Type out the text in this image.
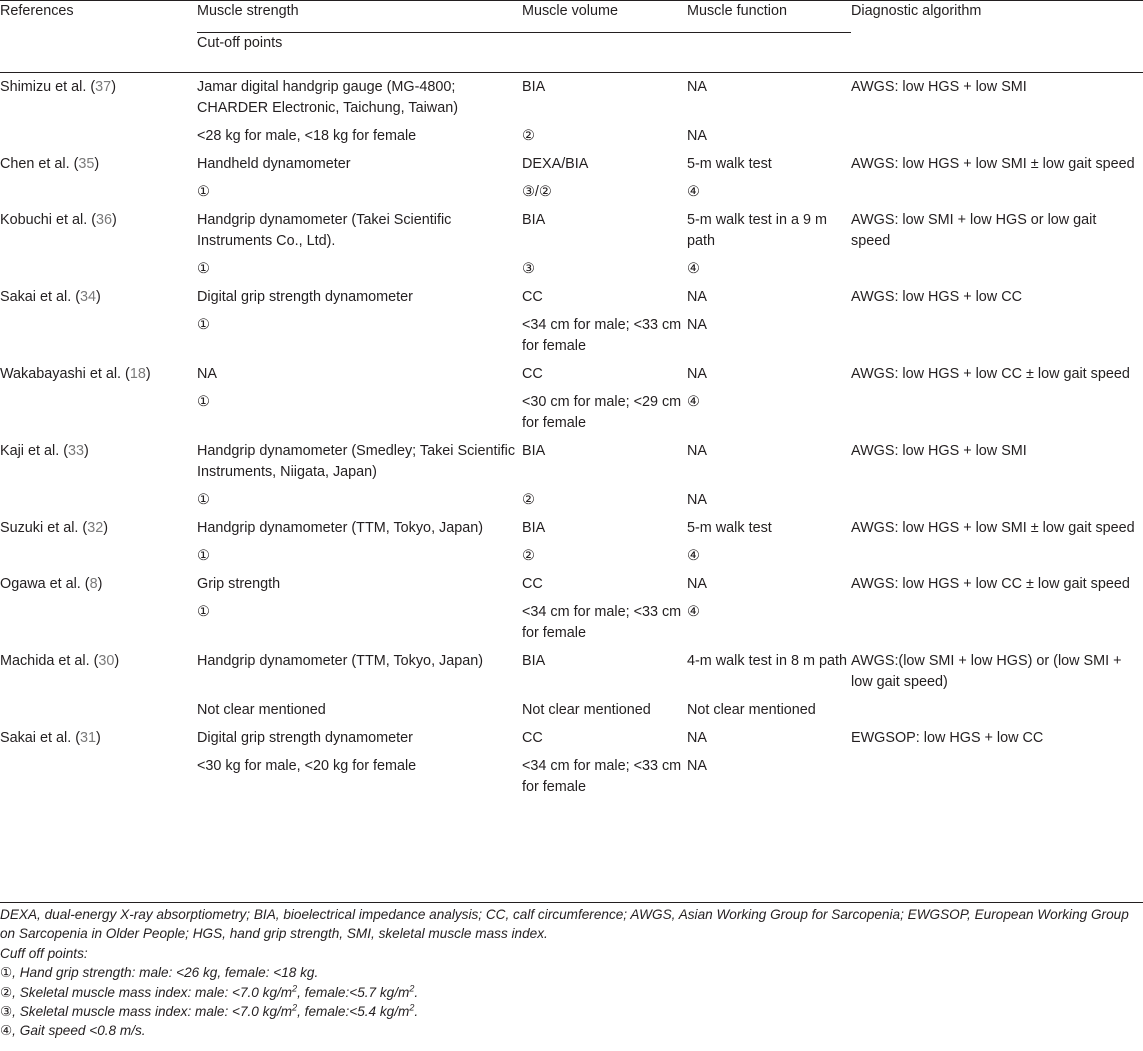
References	Muscle strength	Muscle volume	Muscle function	Diagnostic algorithm
	Cut-off points			
Shimizu et al. (37)	Jamar digital handgrip gauge (MG-4800; CHARDER Electronic, Taichung, Taiwan)	BIA	NA	AWGS: low HGS + low SMI
	<28 kg for male, <18 kg for female	②	NA	
Chen et al. (35)	Handheld dynamometer	DEXA/BIA	5-m walk test	AWGS: low HGS + low SMI ± low gait speed
	①	③/②	④	
Kobuchi et al. (36)	Handgrip dynamometer (Takei Scientific Instruments Co., Ltd).	BIA	5-m walk test in a 9 m path	AWGS: low SMI + low HGS or low gait speed
	①	③	④	
Sakai et al. (34)	Digital grip strength dynamometer	CC	NA	AWGS: low HGS + low CC
	①	<34 cm for male; <33 cm for female	NA	
Wakabayashi et al. (18)	NA	CC	NA	AWGS: low HGS + low CC ± low gait speed
	①	<30 cm for male; <29 cm for female	④	
Kaji et al. (33)	Handgrip dynamometer (Smedley; Takei Scientific Instruments, Niigata, Japan)	BIA	NA	AWGS: low HGS + low SMI
	①	②	NA	
Suzuki et al. (32)	Handgrip dynamometer (TTM, Tokyo, Japan)	BIA	5-m walk test	AWGS: low HGS + low SMI ± low gait speed
	①	②	④	
Ogawa et al. (8)	Grip strength	CC	NA	AWGS: low HGS + low CC ± low gait speed
	①	<34 cm for male; <33 cm for female	④	
Machida et al. (30)	Handgrip dynamometer (TTM, Tokyo, Japan)	BIA	4-m walk test in 8 m path	AWGS:(low SMI + low HGS) or (low SMI + low gait speed)
	Not clear mentioned	Not clear mentioned	Not clear mentioned	
Sakai et al. (31)	Digital grip strength dynamometer	CC	NA	EWGSOP: low HGS + low CC
	<30 kg for male, <20 kg for female	<34 cm for male; <33 cm for female	NA	
DEXA, dual-energy X-ray absorptiometry; BIA, bioelectrical impedance analysis; CC, calf circumference; AWGS, Asian Working Group for Sarcopenia; EWGSOP, European Working Group on Sarcopenia in Older People; HGS, hand grip strength, SMI, skeletal muscle mass index.
Cuff off points:
①, Hand grip strength: male: <26 kg, female: <18 kg.
②, Skeletal muscle mass index: male: <7.0 $kg/m^2$, female:<5.7 $kg/m^2$.
③, Skeletal muscle mass index: male: <7.0 $kg/m^2$, female:<5.4 $kg/m^2$.
④, Gait speed <0.8 m/s.
